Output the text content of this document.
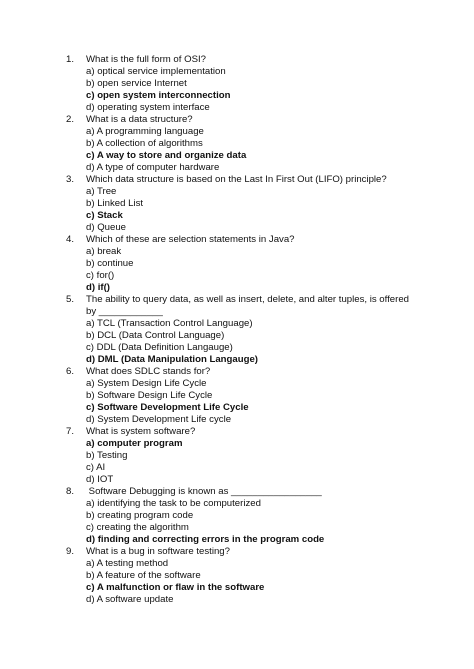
1.	What is the full form of OSI?
a) optical service implementation
b) open service Internet
c) open system interconnection
d) operating system interface
2.	What is a data structure?
a) A programming language
b) A collection of algorithms
c) A way to store and organize data
d) A type of computer hardware
3.	Which data structure is based on the Last In First Out (LIFO) principle?
a) Tree
b) Linked List
c) Stack
d) Queue
4.	Which of these are selection statements in Java?
a) break
b) continue
c) for()
d) if()
5.	The ability to query data, as well as insert, delete, and alter tuples, is offered
by ____________
a) TCL (Transaction Control Language)
b) DCL (Data Control Language)
c) DDL (Data Definition Langauge)
d) DML (Data Manipulation Langauge)
6.	What does SDLC stands for?
a) System Design Life Cycle
b) Software Design Life Cycle
c) Software Development Life Cycle
d) System Development Life cycle
7.	What is system software?
a) computer program
b) Testing
c) AI
d) IOT
8.	Software Debugging is known as _________________
a) identifying the task to be computerized
b) creating program code
c) creating the algorithm
d) finding and correcting errors in the program code
9.	What is a bug in software testing?
a) A testing method
b) A feature of the software
c) A malfunction or flaw in the software
d) A software update
